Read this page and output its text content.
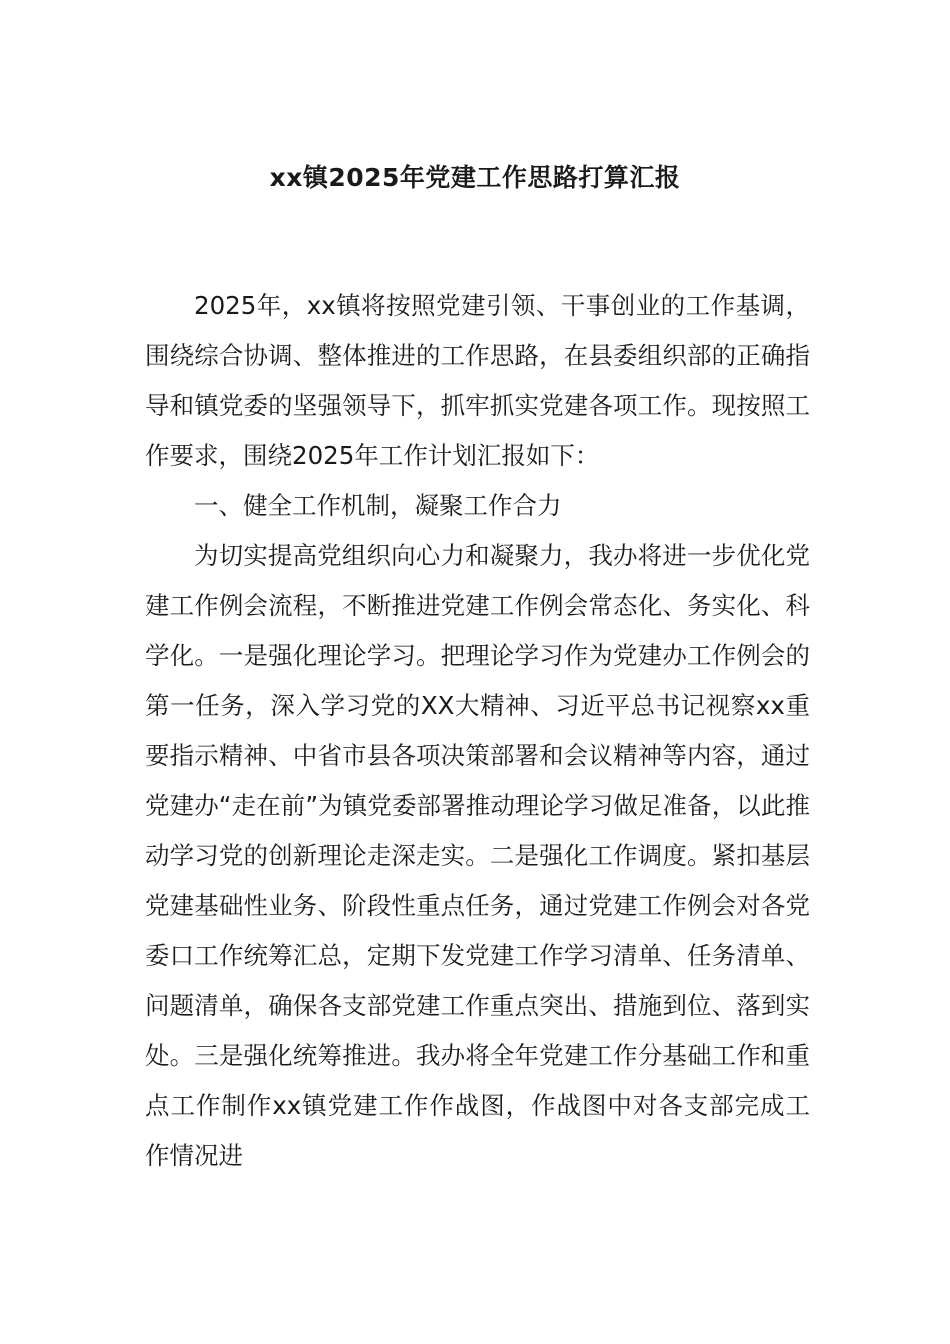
xx镇2025年党建工作思路打算汇报

2025年，xx镇将按照党建引领、干事创业的工作基调，围绕综合协调、整体推进的工作思路，在县委组织部的正确指导和镇党委的坚强领导下，抓牢抓实党建各项工作。现按照工作要求，围绕2025年工作计划汇报如下：

一、健全工作机制，凝聚工作合力

为切实提高党组织向心力和凝聚力，我办将进一步优化党建工作例会流程，不断推进党建工作例会常态化、务实化、科学化。一是强化理论学习。把理论学习作为党建办工作例会的第一任务，深入学习党的XX大精神、习近平总书记视察xx重要指示精神、中省市县各项决策部署和会议精神等内容，通过党建办“走在前”为镇党委部署推动理论学习做足准备，以此推动学习党的创新理论走深走实。二是强化工作调度。紧扣基层党建基础性业务、阶段性重点任务，通过党建工作例会对各党委口工作统筹汇总，定期下发党建工作学习清单、任务清单、问题清单，确保各支部党建工作重点突出、措施到位、落到实处。三是强化统筹推进。我办将全年党建工作分基础工作和重点工作制作xx镇党建工作作战图，作战图中对各支部完成工作情况进
